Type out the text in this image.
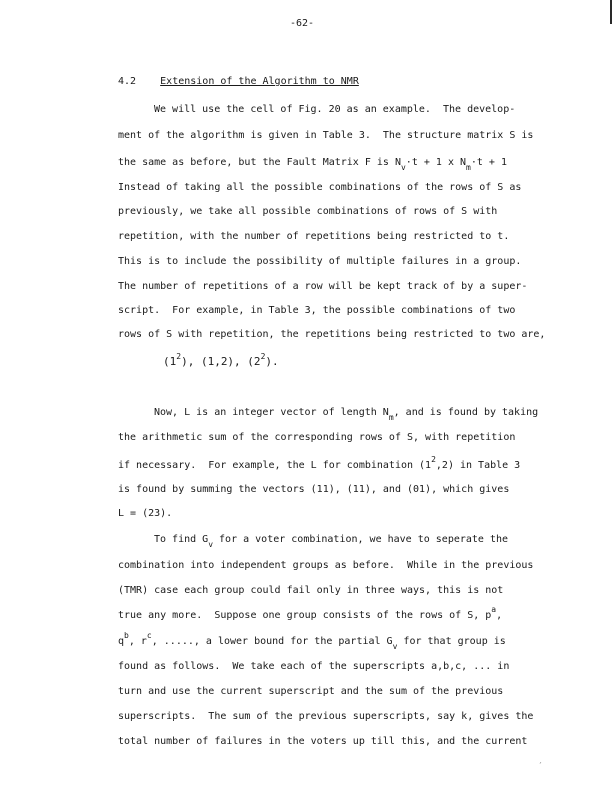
-62-
4.2 Extension of the Algorithm to NMR
We will use the cell of Fig. 20 as an example.  The develop-
ment of the algorithm is given in Table 3.  The structure matrix S is
the same as before, but the Fault Matrix F is $N_v\cdot t + 1$ x $N_m\cdot t + 1$
Instead of taking all the possible combinations of the rows of S as
previously, we take all possible combinations of rows of S with
repetition, with the number of repetitions being restricted to t.
This is to include the possibility of multiple failures in a group.
The number of repetitions of a row will be kept track of by a super-
script.  For example, in Table 3, the possible combinations of two
rows of S with repetition, the repetitions being restricted to two are,
$(1^2)$, (1,2), $(2^2)$.
Now, L is an integer vector of length $N_m$, and is found by taking
the arithmetic sum of the corresponding rows of S, with repetition
if necessary.  For example, the L for combination $(1^2,2)$ in Table 3
is found by summing the vectors (11), (11), and (01), which gives
L = (23).
To find $G_v$ for a voter combination, we have to seperate the
combination into independent groups as before.  While in the previous
(TMR) case each group could fail only in three ways, this is not
true any more.  Suppose one group consists of the rows of S, $p^a$,
$q^b$, $r^c$, ....., a lower bound for the partial $G_v$ for that group is
found as follows.  We take each of the superscripts a,b,c, ... in
turn and use the current superscript and the sum of the previous
superscripts.  The sum of the previous superscripts, say k, gives the
total number of failures in the voters up till this, and the current
´
